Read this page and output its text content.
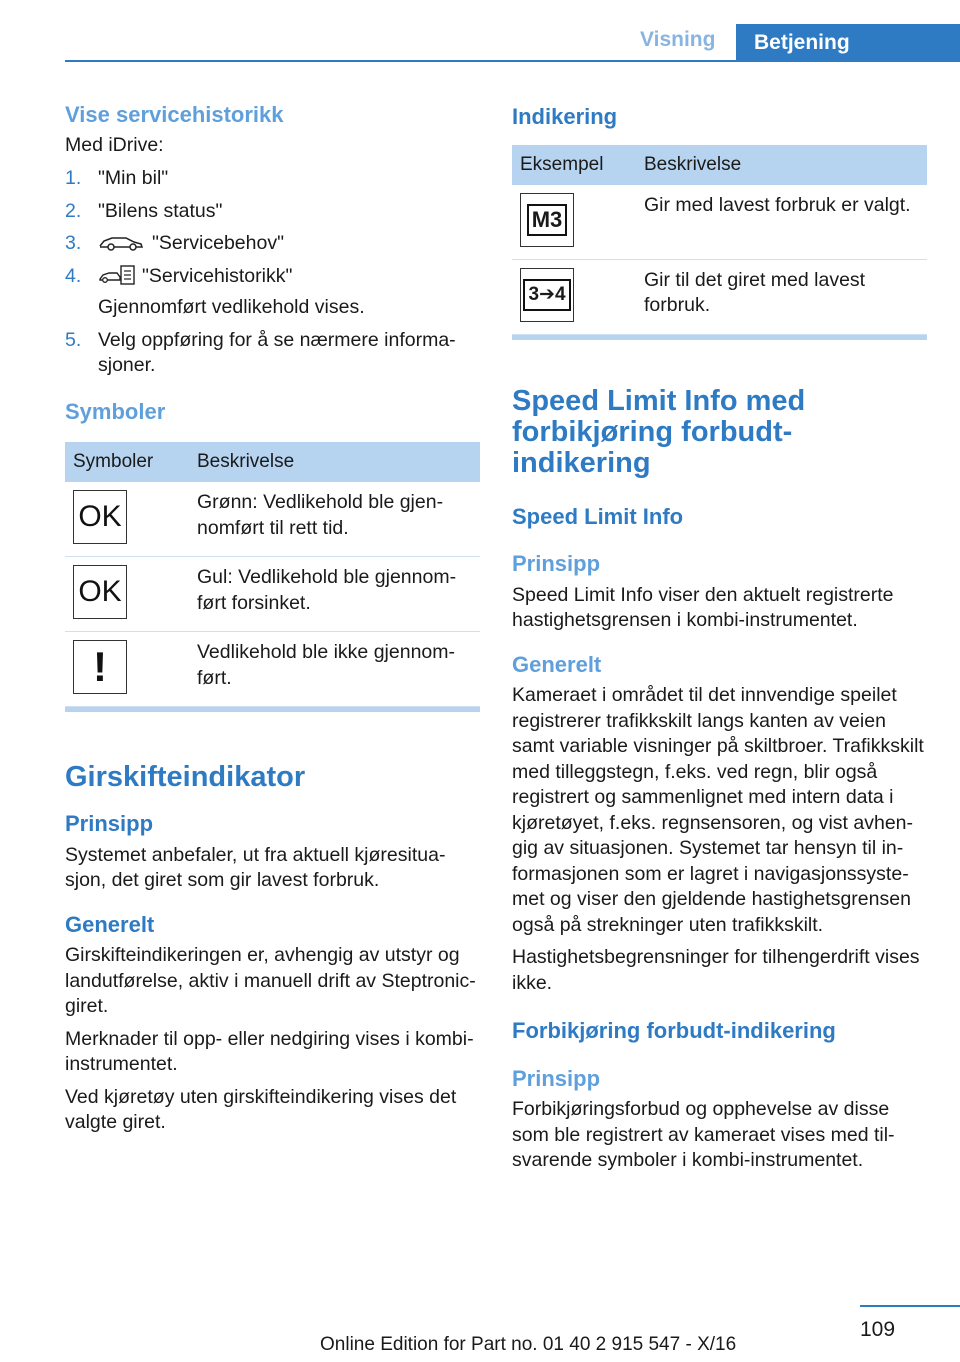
Visning	Betjening
Vise servicehistorikk

Med iDrive:

1. "Min bil"
2. "Bilens status"
3.	"Servicebehov"
4.	"Servicehistorikk"
Gjennomført vedlikehold vises.
5. Velg oppføring for å se nærmere informasjoner.
Symboler
Symboler	Beskrivelse

OK	Grønn: Vedlikehold ble gjennomført til rett tid.

OK	Gul: Vedlikehold ble gjennomført forsinket.

!	Vedlikehold ble ikke gjennomført.
Girskifteindikator
Prinsipp

Systemet anbefaler, ut fra aktuell kjøresituasjon, det giret som gir lavest forbruk.

Generelt

Girskifteindikeringen er, avhengig av utstyr og landutførelse, aktiv i manuell drift av Steptronic-giret.

Merknader til opp- eller nedgiring vises i kombi-instrumentet.

Ved kjøretøy uten girskifteindikering vises det valgte giret.

Indikering
Eksempel	Beskrivelse

M3	Gir med lavest forbruk er valgt.

3➔4	Gir til det giret med lavest forbruk.
Speed Limit Info med forbikjøring forbudt-indikering
Speed Limit Info
Prinsipp

Speed Limit Info viser den aktuelt registrerte hastighetsgrensen i kombi-instrumentet.

Generelt

Kameraet i området til det innvendige speilet registrerer trafikkskilt langs kanten av veien samt variable visninger på skiltbroer. Trafikkskilt med tilleggstegn, f.eks. ved regn, blir også registrert og sammenlignet med intern data i kjøretøyet, f.eks. regnsensoren, og vist avhengig av situasjonen. Systemet tar hensyn til informasjonen som er lagret i navigasjonssystemet og viser den gjeldende hastighetsgrensen også på strekninger uten trafikkskilt.

Hastighetsbegrensninger for tilhengerdrift vises ikke.

Forbikjøring forbudt-indikering
Prinsipp

Forbikjøringsforbud og opphevelse av disse som ble registrert av kameraet vises med tilsvarende symboler i kombi-instrumentet.

109
Online Edition for Part no. 01 40 2 915 547 - X/16
